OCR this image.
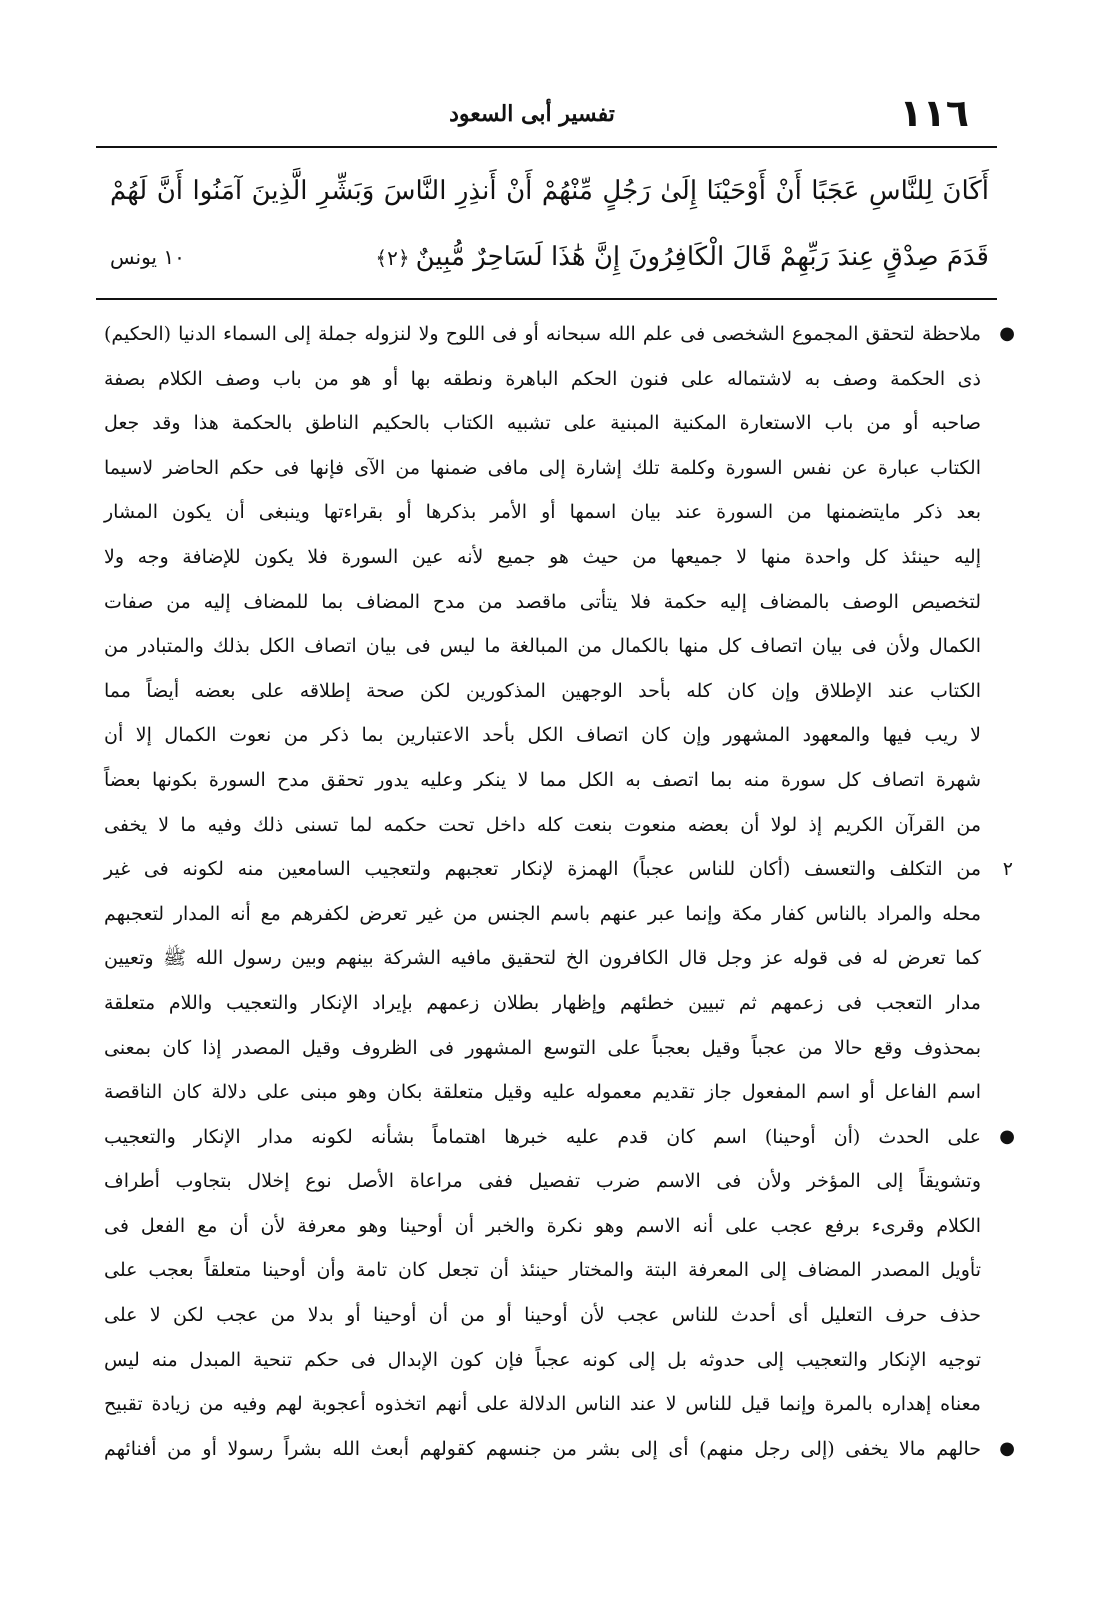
١١٦
تفسير أبى السعود
أَكَانَ لِلنَّاسِ عَجَبًا أَنْ أَوْحَيْنَا إِلَىٰ رَجُلٍ مِّنْهُمْ أَنْ أَنذِرِ النَّاسَ وَبَشِّرِ الَّذِينَ آمَنُوا أَنَّ لَهُمْ
قَدَمَ صِدْقٍ عِندَ رَبِّهِمْ قَالَ الْكَافِرُونَ إِنَّ هَٰذَا لَسَاحِرٌ مُّبِينٌ﴿٢﴾
١٠ يونس
●
ملاحظة لتحقق المجموع الشخصى فى علم الله سبحانه أو فى اللوح ولا لنزوله جملة إلى السماء الدنيا (الحكيم)
ذى الحكمة وصف به لاشتماله على فنون الحكم الباهرة ونطقه بها أو هو من باب وصف الكلام بصفة
صاحبه أو من باب الاستعارة المكنية المبنية على تشبيه الكتاب بالحكيم الناطق بالحكمة هذا وقد جعل
الكتاب عبارة عن نفس السورة وكلمة تلك إشارة إلى مافى ضمنها من الآى فإنها فى حكم الحاضر لاسيما
بعد ذكر مايتضمنها من السورة عند بيان اسمها أو الأمر بذكرها أو بقراءتها وينبغى أن يكون المشار
إليه حينئذ كل واحدة منها لا جميعها من حيث هو جميع لأنه عين السورة فلا يكون للإضافة وجه ولا
لتخصيص الوصف بالمضاف إليه حكمة فلا يتأتى ماقصد من مدح المضاف بما للمضاف إليه من صفات
الكمال ولأن فى بيان اتصاف كل منها بالكمال من المبالغة ما ليس فى بيان اتصاف الكل بذلك والمتبادر من
الكتاب عند الإطلاق وإن كان كله بأحد الوجهين المذكورين لكن صحة إطلاقه على بعضه أيضاً مما
لا ريب فيها والمعهود المشهور وإن كان اتصاف الكل بأحد الاعتبارين بما ذكر من نعوت الكمال إلا أن
شهرة اتصاف كل سورة منه بما اتصف به الكل مما لا ينكر وعليه يدور تحقق مدح السورة بكونها بعضاً
من القرآن الكريم إذ لولا أن بعضه منعوت بنعت كله داخل تحت حكمه لما تسنى ذلك وفيه ما لا يخفى
٢
من التكلف والتعسف (أكان للناس عجباً) الهمزة لإنكار تعجبهم ولتعجيب السامعين منه لكونه فى غير
محله والمراد بالناس كفار مكة وإنما عبر عنهم باسم الجنس من غير تعرض لكفرهم مع أنه المدار لتعجبهم
كما تعرض له فى قوله عز وجل قال الكافرون الخ لتحقيق مافيه الشركة بينهم وبين رسول الله ﷺ وتعيين
مدار التعجب فى زعمهم ثم تبيين خطئهم وإظهار بطلان زعمهم بإيراد الإنكار والتعجيب واللام متعلقة
بمحذوف وقع حالا من عجباً وقيل بعجباً على التوسع المشهور فى الظروف وقيل المصدر إذا كان بمعنى
اسم الفاعل أو اسم المفعول جاز تقديم معموله عليه وقيل متعلقة بكان وهو مبنى على دلالة كان الناقصة
●
على الحدث (أن أوحينا) اسم كان قدم عليه خبرها اهتماماً بشأنه لكونه مدار الإنكار والتعجيب
وتشويقاً إلى المؤخر ولأن فى الاسم ضرب تفصيل ففى مراعاة الأصل نوع إخلال بتجاوب أطراف
الكلام وقرىء برفع عجب على أنه الاسم وهو نكرة والخبر أن أوحينا وهو معرفة لأن أن مع الفعل فى
تأويل المصدر المضاف إلى المعرفة البتة والمختار حينئذ أن تجعل كان تامة وأن أوحينا متعلقاً بعجب على
حذف حرف التعليل أى أحدث للناس عجب لأن أوحينا أو من أن أوحينا أو بدلا من عجب لكن لا على
توجيه الإنكار والتعجيب إلى حدوثه بل إلى كونه عجباً فإن كون الإبدال فى حكم تنحية المبدل منه ليس
معناه إهداره بالمرة وإنما قيل للناس لا عند الناس الدلالة على أنهم اتخذوه أعجوبة لهم وفيه من زيادة تقبيح
●
حالهم مالا يخفى (إلى رجل منهم) أى إلى بشر من جنسهم كقولهم أبعث الله بشراً رسولا أو من أفنائهم
